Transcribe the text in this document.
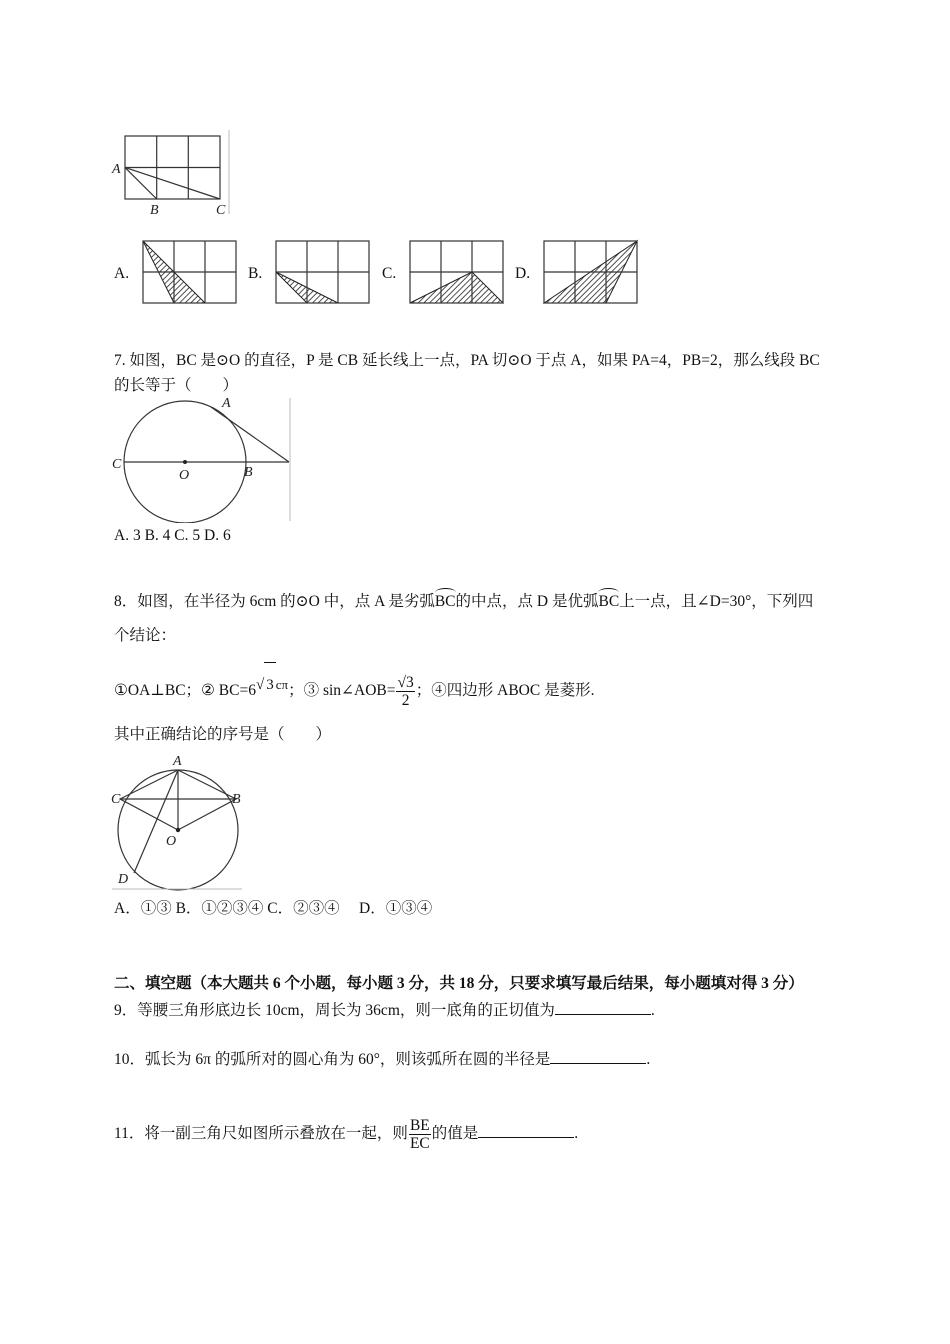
A
B	C
A.	B.	C.	D.
7. 如图，BC 是⊙O 的直径，P 是 CB 延长线上一点，PA 切⊙O 于点 A，如果 PA=4，PB=2，那么线段 BC
的长等于（　　）
A
B
C
O
A. 3 B. 4 C. 5 D. 6
8．如图，在半径为 6cm 的⊙O 中，点 A 是劣弧BC的中点，点 D 是优弧BC上一点，且∠D=30°，下列四
个结论：
①OA⊥BC；② BC=6√ 3 cπ；③ sin∠AOB= $\frac{√3}{2}$ ；④四边形 ABOC 是菱形.
其中正确结论的序号是（　　）
A
B
C
D
O
A．①③ B．①②③④ C．②③④　 D．①③④
二、填空题（本大题共 6 个小题，每小题 3 分，共 18 分，只要求填写最后结果，每小题填对得 3 分）
9．等腰三角形底边长 10cm，周长为 36cm，则一底角的正切值为	.
10．弧长为 6π 的弧所对的圆心角为 60°，则该弧所在圆的半径是	.
11．将一副三角尺如图所示叠放在一起，则 $\frac{BE}{EC}$ 的值是	.
